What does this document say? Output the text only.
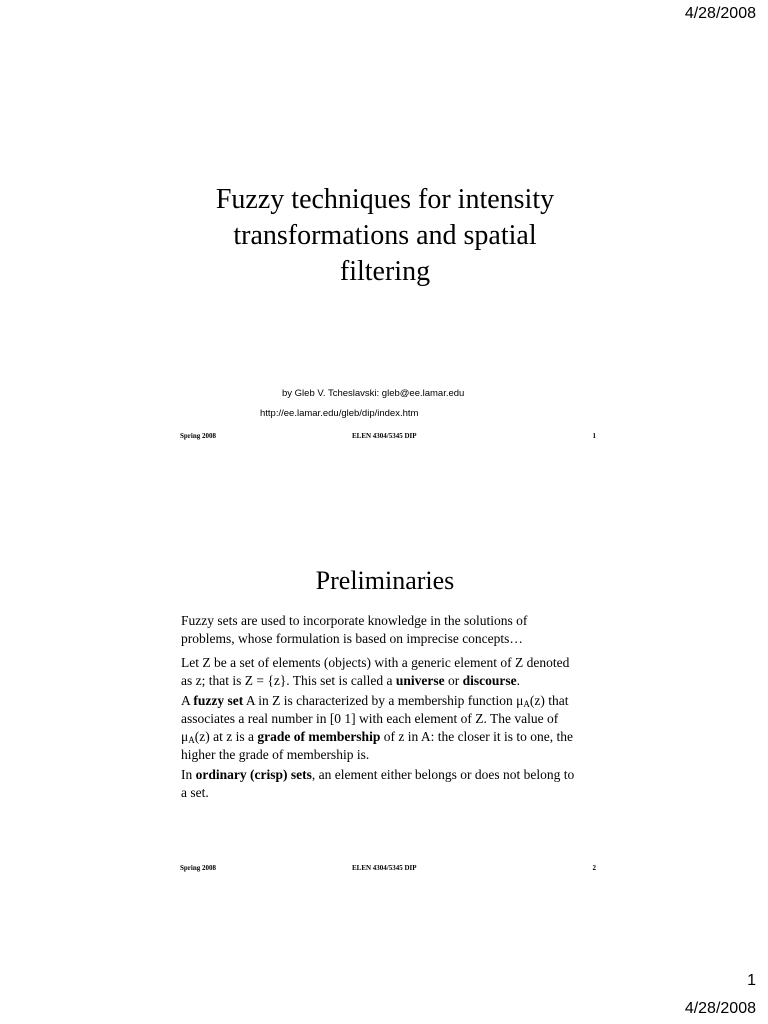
4/28/2008
Fuzzy techniques for intensity
transformations and spatial
filtering
by Gleb V. Tcheslavski: gleb@ee.lamar.edu
http://ee.lamar.edu/gleb/dip/index.htm
Spring 2008	ELEN 4304/5345 DIP	1
Preliminaries

Fuzzy sets are used to incorporate knowledge in the solutions of problems, whose formulation is based on imprecise concepts…

Let Z be a set of elements (objects) with a generic element of Z denoted as z; that is Z = {z}. This set is called a universe or discourse.

A fuzzy set A in Z is characterized by a membership function $\mu_A(z)$ that associates a real number in [0 1] with each element of Z. The value of $\mu_A(z)$ at z is a grade of membership of z in A: the closer it is to one, the higher the grade of membership is.

In ordinary (crisp) sets, an element either belongs or does not belong to a set.

Spring 2008	ELEN 4304/5345 DIP	2
1
4/28/2008
